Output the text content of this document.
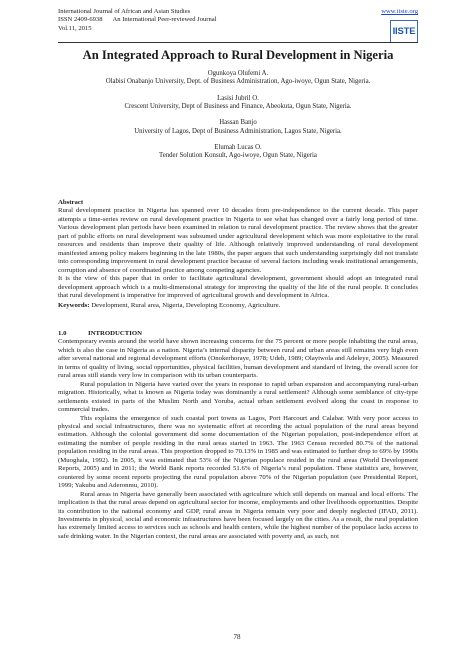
International Journal of African and Asian Studies	www.iiste.org
ISSN 2409-6938 An International Peer-reviewed Journal
Vol.11, 2015	IISTE
An Integrated Approach to Rural Development in Nigeria
Ogunkoya Olufemi A.
Olabisi Onabanjo University, Dept. of Business Administration, Ago-iwoye, Ogun State, Nigeria.
Lasisi Jubril O.
Crescent University, Dept of Business and Finance, Abeokuta, Ogun State, Nigeria.
Hassan Banjo
University of Lagos, Dept of Business Administration, Lagos State, Nigeria.
Elumah Lucas O.
Tender Solution Konsult, Ago-iwoye, Ogun State, Nigeria
Abstract

Rural development practice in Nigeria has spanned over 10 decades from pre-independence to the current decade. This paper attempts a time-series review on rural development practice in Nigeria to see what has changed over a fairly long period of time. Various development plan periods have been examined in relation to rural development practice. The review shows that the greater part of public efforts on rural development was subsumed under agricultural development which was more exploitative to the rural resources and residents than improve their quality of life. Although relatively improved understanding of rural development manifested among policy makers beginning in the late 1980s, the paper argues that such understanding surprisingly did not translate into corresponding improvement in rural development practice because of several factors including weak institutional arrangements, corruption and absence of coordinated practice among competing agencies.

It is the view of this paper that in order to facilitate agricultural development, government should adopt an integrated rural development approach which is a multi-dimensional strategy for improving the quality of the life of the rural people. It concludes that rural development is imperative for improved of agricultural growth and development in Africa.

Keywords: Development, Rural area, Nigeria, Developing Economy, Agriculture.

1.0	INTRODUCTION

Contemporary events around the world have shown increasing concerns for the 75 percent or more people inhabiting the rural areas, which is also the case in Nigeria as a nation. Nigeria’s internal disparity between rural and urban areas still remains very high even after several national and regional development efforts (Onokerhoraye, 1978; Udeh, 1989; Olayiwola and Adeleye, 2005). Measured in terms of quality of living, social opportunities, physical facilities, human development and standard of living, the overall score for rural areas still stands very low in comparison with its urban counterparts.

Rural population in Nigeria have varied over the years in response to rapid urban expansion and accompanying rural-urban migration. Historically, what is known as Nigeria today was dominantly a rural settlement? Although some semblance of city-type settlements existed in parts of the Muslim North and Yoruba, actual urban settlement evolved along the coast in response to commercial trades.

This explains the emergence of such coastal port towns as Lagos, Port Harcourt and Calabar. With very poor access to physical and social infrastructures, there was no systematic effort at recording the actual population of the rural areas beyond estimation. Although the colonial government did some documentation of the Nigerian population, post-independence effort at estimating the number of people residing in the rural areas started in 1963. The 1963 Census recorded 80.7% of the national population residing in the rural areas. This proportion dropped to 70.13% in 1985 and was estimated to further drop to 69% by 1990s (Muoghala, 1992). In 2005, it was estimated that 53% of the Nigerian populace resided in the rural areas (World Development Reports, 2005) and in 2011; the World Bank reports recorded 51.6% of Nigeria’s rural population. These statistics are, however, countered by some recent reports projecting the rural population above 70% of the Nigerian population (see Presidential Report, 1999; Yakubu and Aderonmu, 2010).

Rural areas in Nigeria have generally been associated with agriculture which still depends on manual and local efforts. The implication is that the rural areas depend on agricultural sector for income, employments and other livelihoods opportunities. Despite its contribution to the national economy and GDP, rural areas in Nigeria remain very poor and deeply neglected (IFAD, 2011). Investments in physical, social and economic infrastructures have been focused largely on the cities. As a result, the rural population has extremely limited access to services such as schools and health centers, while the highest number of the populace lacks access to safe drinking water. In the Nigerian context, the rural areas are associated with poverty and, as such, not

78
